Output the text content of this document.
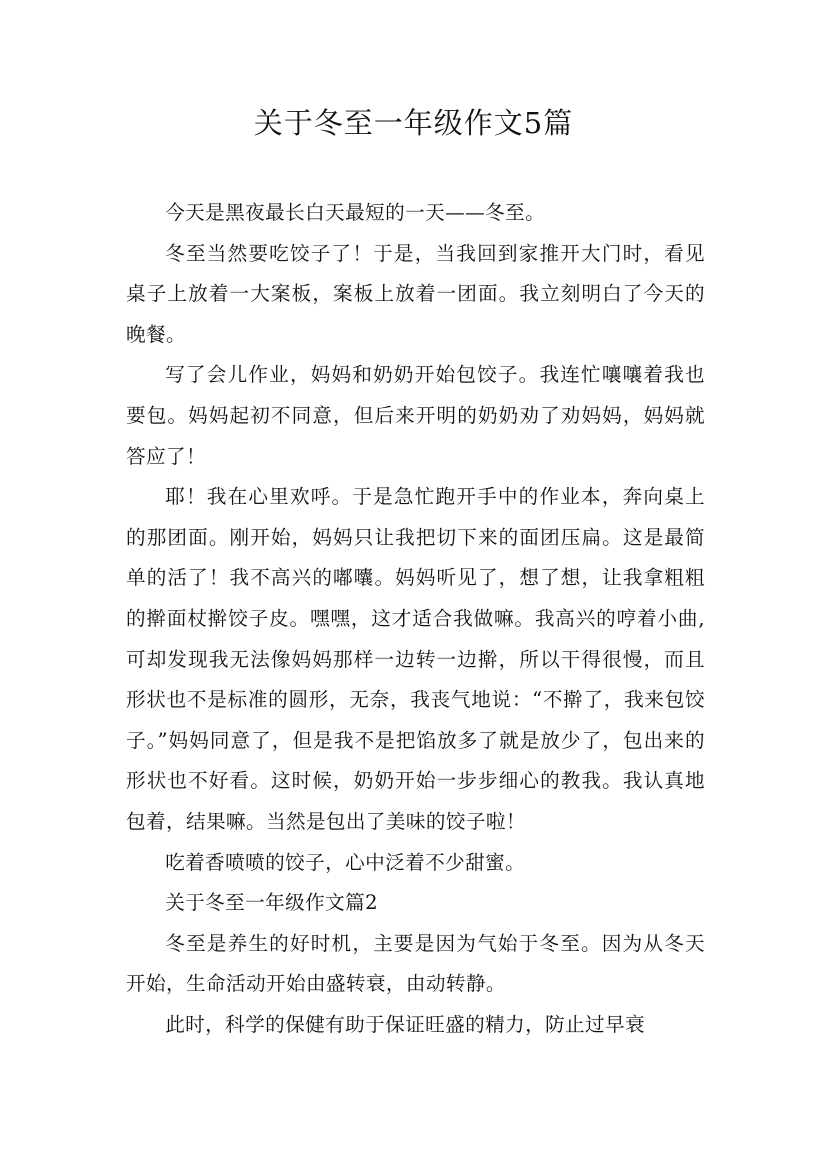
关于冬至一年级作文5篇

今天是黑夜最长白天最短的一天——冬至。

冬至当然要吃饺子了！于是，当我回到家推开大门时，看见桌子上放着一大案板，案板上放着一团面。我立刻明白了今天的晚餐。

写了会儿作业，妈妈和奶奶开始包饺子。我连忙嚷嚷着我也要包。妈妈起初不同意，但后来开明的奶奶劝了劝妈妈，妈妈就答应了！

耶！我在心里欢呼。于是急忙跑开手中的作业本，奔向桌上的那团面。刚开始，妈妈只让我把切下来的面团压扁。这是最简单的活了！我不高兴的嘟囔。妈妈听见了，想了想，让我拿粗粗的擀面杖擀饺子皮。嘿嘿，这才适合我做嘛。我高兴的哼着小曲,可却发现我无法像妈妈那样一边转一边擀，所以干得很慢，而且形状也不是标准的圆形，无奈，我丧气地说：“不擀了，我来包饺子。”妈妈同意了，但是我不是把馅放多了就是放少了，包出来的形状也不好看。这时候，奶奶开始一步步细心的教我。我认真地包着，结果嘛。当然是包出了美味的饺子啦！

吃着香喷喷的饺子，心中泛着不少甜蜜。

关于冬至一年级作文篇2

冬至是养生的好时机，主要是因为气始于冬至。因为从冬天开始，生命活动开始由盛转衰，由动转静。

此时，科学的保健有助于保证旺盛的精力，防止过早衰
